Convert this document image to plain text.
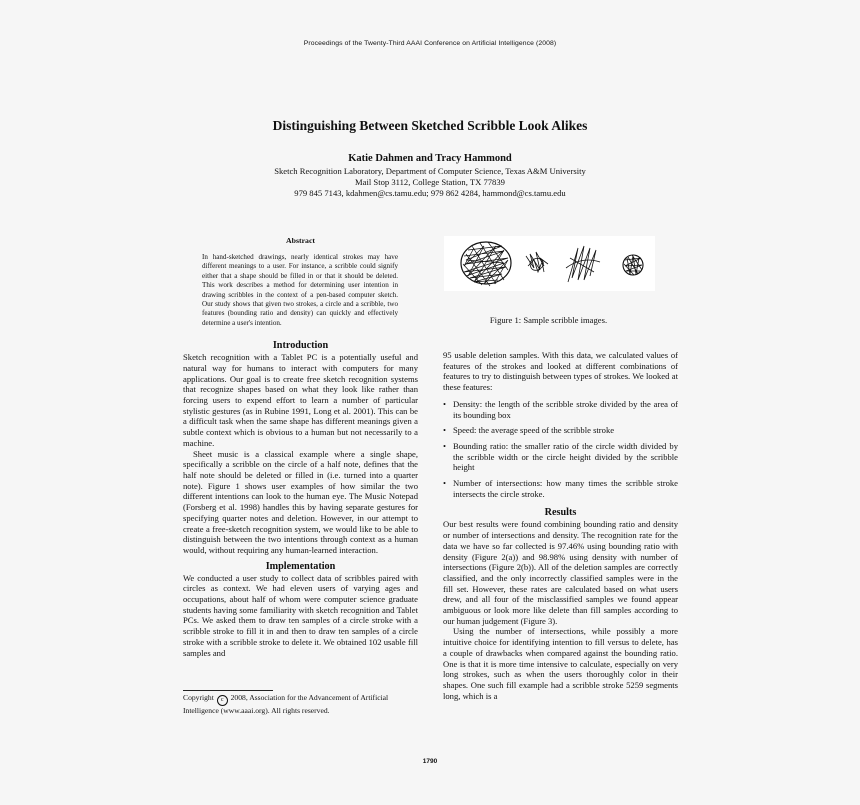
Proceedings of the Twenty-Third AAAI Conference on Artificial Intelligence (2008)
Distinguishing Between Sketched Scribble Look Alikes
Katie Dahmen and Tracy Hammond
Sketch Recognition Laboratory, Department of Computer Science, Texas A&M University
Mail Stop 3112, College Station, TX 77839
979 845 7143, kdahmen@cs.tamu.edu; 979 862 4284, hammond@cs.tamu.edu
Abstract
In hand-sketched drawings, nearly identical strokes may have different meanings to a user. For instance, a scribble could signify either that a shape should be filled in or that it should be deleted. This work describes a method for determining user intention in drawing scribbles in the context of a pen-based computer sketch. Our study shows that given two strokes, a circle and a scribble, two features (bounding ratio and density) can quickly and effectively determine a user's intention.
Introduction

Sketch recognition with a Tablet PC is a potentially useful and natural way for humans to interact with computers for many applications. Our goal is to create free sketch recognition systems that recognize shapes based on what they look like rather than forcing users to expend effort to learn a number of particular stylistic gestures (as in Rubine 1991, Long et al. 2001). This can be a difficult task when the same shape has different meanings given a subtle context which is obvious to a human but not necessarily to a machine.

Sheet music is a classical example where a single shape, specifically a scribble on the circle of a half note, defines that the half note should be deleted or filled in (i.e. turned into a quarter note). Figure 1 shows user examples of how similar the two different intentions can look to the human eye. The Music Notepad (Forsberg et al. 1998) handles this by having separate gestures for specifying quarter notes and deletion. However, in our attempt to create a free-sketch recognition system, we would like to be able to distinguish between the two intentions through context as a human would, without requiring any human-learned interaction.

Implementation

We conducted a user study to collect data of scribbles paired with circles as context. We had eleven users of varying ages and occupations, about half of whom were computer science graduate students having some familiarity with sketch recognition and Tablet PCs. We asked them to draw ten samples of a circle stroke with a scribble stroke to fill it in and then to draw ten samples of a circle stroke with a scribble stroke to delete it. We obtained 102 usable fill samples and

Figure 1: Sample scribble images.

95 usable deletion samples. With this data, we calculated values of features of the strokes and looked at different combinations of features to try to distinguish between types of strokes. We looked at these features:

• Density: the length of the scribble stroke divided by the area of its bounding box
• Speed: the average speed of the scribble stroke
• Bounding ratio: the smaller ratio of the circle width divided by the scribble width or the circle height divided by the scribble height
• Number of intersections: how many times the scribble stroke intersects the circle stroke.
Results

Our best results were found combining bounding ratio and density or number of intersections and density. The recognition rate for the data we have so far collected is 97.46% using bounding ratio with density (Figure 2(a)) and 98.98% using density with number of intersections (Figure 2(b)). All of the deletion samples are correctly classified, and the only incorrectly classified samples were in the fill set. However, these rates are calculated based on what users drew, and all four of the misclassified samples we found appear ambiguous or look more like delete than fill samples according to our human judgement (Figure 3).

Using the number of intersections, while possibly a more intuitive choice for identifying intention to fill versus to delete, has a couple of drawbacks when compared against the bounding ratio. One is that it is more time intensive to calculate, especially on very long strokes, such as when the users thoroughly color in their shapes. One such fill example had a scribble stroke 5259 segments long, which is a

Copyright c 2008, Association for the Advancement of Artificial Intelligence (www.aaai.org). All rights reserved.
1790
